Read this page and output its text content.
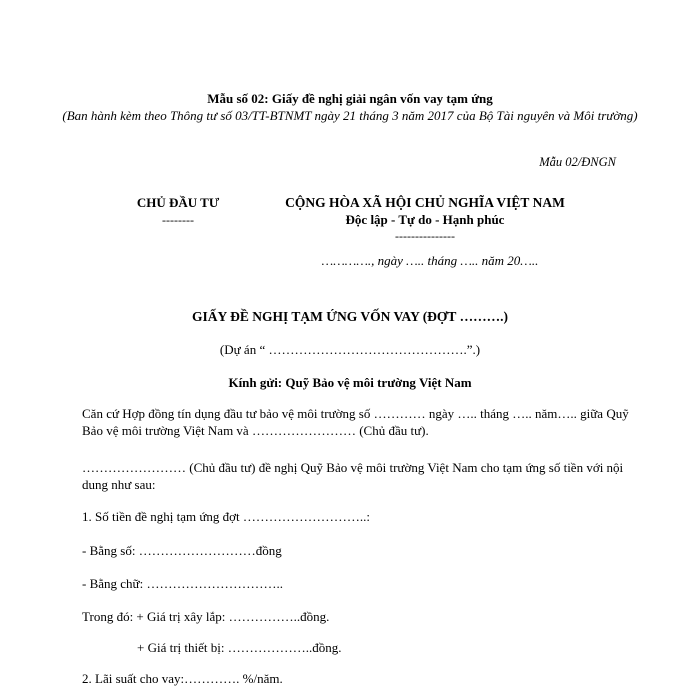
Mẫu số 02: Giấy đề nghị giải ngân vốn vay tạm ứng
(Ban hành kèm theo Thông tư số 03/TT-BTNMT ngày 21 tháng 3 năm 2017 của Bộ Tài nguyên và Môi trường)
Mẫu 02/ĐNGN
CHỦ ĐẦU TƯ
--------
CỘNG HÒA XÃ HỘI CHỦ NGHĨA VIỆT NAM
Độc lập - Tự do - Hạnh phúc
---------------
…………., ngày ….. tháng ….. năm 20…..
GIẤY ĐỀ NGHỊ TẠM ỨNG VỐN VAY (ĐỢT ……….)
(Dự án “ ……………………………………….”.)
Kính gửi: Quỹ Bảo vệ môi trường Việt Nam
Căn cứ Hợp đồng tín dụng đầu tư bảo vệ môi trường số ………… ngày ….. tháng ….. năm….. giữa Quỹ Bảo vệ môi trường Việt Nam và …………………… (Chủ đầu tư).
…………………… (Chủ đầu tư) đề nghị Quỹ Bảo vệ môi trường Việt Nam cho tạm ứng số tiền với nội dung như sau:
1. Số tiền đề nghị tạm ứng đợt ………………………..:
- Bằng số: ………………………đồng
- Bằng chữ: …………………………..
Trong đó: + Giá trị xây lắp: ……………..đồng.
+ Giá trị thiết bị: ………………..đồng.
2. Lãi suất cho vay:…………. %/năm.
